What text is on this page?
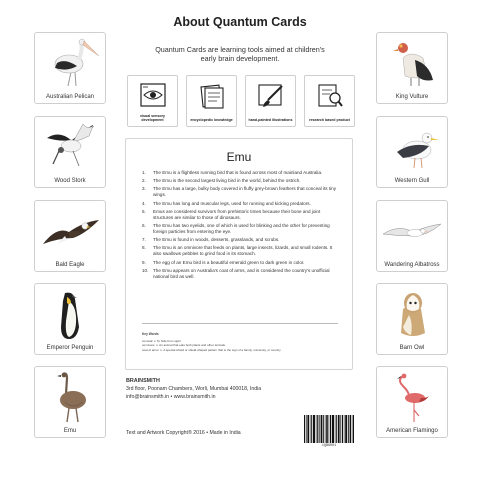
Australian Pelican
Wood Stork
Bald Eagle
Emperor Penguin
Emu
King Vulture
Western Gull
Wandering Albatross
Barn Owl
American Flamingo
About Quantum Cards
Quantum Cards are learning tools aimed at children's early brain development.
visual sensory development	encyclopedic knowledge	hand-painted illustrations	research based product
Emu
1. The Emu is a flightless running bird that is found across most of mainland Australia.
2. The Emu is the second largest living bird in the world, behind the ostrich.
3. The Emu has a large, bulky body covered in fluffy grey-brown feathers that conceal its tiny wings.
4. The Emu has long and muscular legs, used for running and kicking predators.
5. Emus are considered survivors from prehistoric times because their bone and joint structures are similar to those of dinosaurs.
6. The Emu has two eyelids, one of which is used for blinking and the other for preventing foreign particles from entering the eye.
7. The Emu is found in woods, desserts, grasslands, and scrubs.
8. The Emu is an omnivore that feeds on plants, large insects, lizards, and small rodents. It also swallows pebbles to grind food in its stomach.
9. The egg of an Emu bird is a beautiful emerald green to dark green in color.
10. The Emu appears on Australia's coat of arms, and is considered the country's unofficial national bird as well.
Key Words
conceal: v. To hide from sight
omnivore: n. An animal that eats both plants and other animals
coat of arms: n. A special shield or shield-shaped pattern that is the sign of a family, university, or country
BRAINSMITH
3rd floor, Poonam Chambers, Worli, Mumbai 400018, India
info@brainsmith.in • www.brainsmith.in
Text and Artwork Copyright® 2016 • Made in India
1QB8001
